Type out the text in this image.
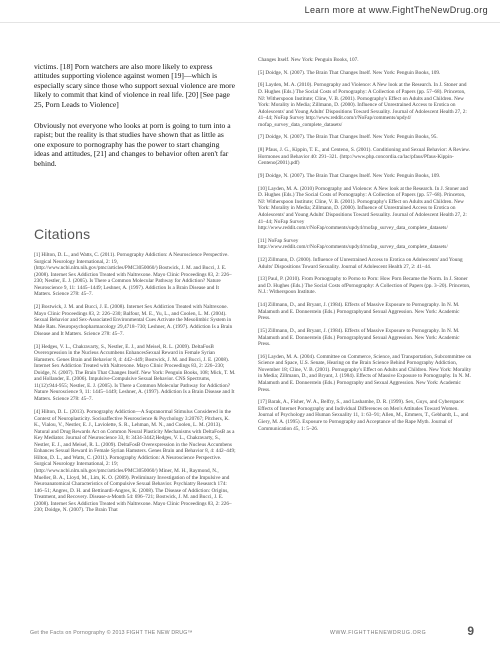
Learn more at www.FightTheNewDrug.org

victims. [18] Porn watchers are also more likely to express attitudes supporting violence against women [19]—which is especially scary since those who support sexual violence are more likely to commit that kind of violence in real life. [20] [See page 25, Porn Leads to Violence]

Obviously not everyone who looks at porn is going to turn into a rapist; but the reality is that studies have shown that as little as one exposure to pornography has the power to start changing ideas and attitudes, [21] and changes to behavior often aren't far behind.

Citations

[1] Hilton, D. L., and Watts, C. (2011). Pornography Addiction: A Neuroscience Perspective. Surgical Neurology International, 2: 19, (http://www.ncbi.nlm.nih.gov/pmc/articles/PMC3050060/) Bostwick, J. M. and Bucci, J. E. (2008). Internet Sex Addiction Treated with Naltrexone. Mayo Clinic Proceedings 83, 2: 226–230; Nestler, E. J. (2005). Is There a Common Molecular Pathway for Addiction? Nature Neuroscience 9, 11: 1445–1449; Leshner, A. (1997). Addiction Is a Brain Disease and It Matters. Science 278: 45–7.

[2] Bostwick, J. M. and Bucci, J. E. (2008). Internet Sex Addiction Treated with Naltrexone. Mayo Clinic Proceedings 83, 2: 226–230; Balfour, M. E., Yu, L., and Coolen, L. M. (2004). Sexual Behavior and Sex-Associated Environmental Cues Activate the Mesolimbic System in Male Rats. Neuropsychopharmacology 29,4718–730; Leshner, A. (1997). Addiction Is a Brain Disease and It Matters. Science 278: 45–7.

[3] Hedges, V. L., Chakravarty, S., Nestler, E. J., and Meisel, R. L. (2009). DeltaFosB Overexpression in the Nucleus Accumbens EnhancesSexual Reward in Female Syrian Hamsters. Genes Brain and Behavior 8, 4: 442–449; Bostwick, J. M. and Bucci, J. E. (2008). Internet Sex Addiction Treated with Naltrexone. Mayo Clinic Proceedings 83, 2: 226–230; Doidge, N. (2007). The Brain That Changes Itself. New York: Penguin Books, 108; Mick, T. M. and Hollander, E. (2006). Impulsive-Compulsive Sexual Behavior. CNS Spectrums, 11(12):944-955; Nestler, E. J. (2005). Is There a Common Molecular Pathway for Addiction? Nature Neuroscience 9, 11: 1445–1449; Leshner, A. (1997). Addiction Is a Brain Disease and It Matters. Science 278: 45–7.

[4] Hilton, D. L. (2013). Pornography Addiction—A Supranormal Stimulus Considered in the Context of Neuroplasticity. Socioaffective Neuroscience & Psychology 3:20767; Pitchers, K. K., Vialou, V., Nestler, E. J., Laviolette, S. R., Lehman, M. N., and Coolen, L. M. (2013). Natural and Drug Rewards Act on Common Neural Plasticity Mechanisms with DeltaFosB as a Key Mediator. Journal of Neuroscience 33, 8: 3434-3442;Hedges, V. L., Chakravarty, S., Nestler, E. J., and Meisel, R. L. (2009). DeltaFosB Overexpression in the Nucleus Accumbens Enhances Sexual Reward in Female Syrian Hamsters. Genes Brain and Behavior 8, 4: 442–449; Hilton, D. L., and Watts, C. (2011). Pornography Addiction: A Neuroscience Perspective. Surgical Neurology International, 2: 19; (http://www.ncbi.nlm.nih.gov/pmc/articles/PMC3050060/) Miner, M. H., Raymond, N., Mueller, B. A., Lloyd, M., Lim, K. O. (2009). Preliminary Investigation of the Impulsive and Neuroanatomical Characteristics of Compulsive Sexual Behavior. Psychiatry Research 174: 146–51; Angres, D. H. and Bettinardi-Angres, K. (2008). The Disease of Addiction: Origins, Treatment, and Recovery. Disease-a-Month 54: 696–721; Bostwick, J. M. and Bucci, J. E. (2008). Internet Sex Addiction Treated with Naltrexone. Mayo Clinic Proceedings 83, 2: 226–230; Doidge, N. (2007). The Brain That

Changes Itself. New York: Penguin Books, 107.

[5] Doidge, N. (2007). The Brain That Changes Itself. New York: Penguin Books, 109.

[6] Layden, M. A. (2010). Pornography and Violence: A New look at the Research. In J. Stoner and D. Hughes (Eds.) The Social Costs of Pornography: A Collection of Papers (pp. 57–68). Princeton, NJ: Witherspoon Institute; Cline, V. B. (2001). Pornography's Effect on Adults and Children. New York: Morality in Media; Zillmann, D. (2000). Influence of Unrestrained Access to Erotica on Adolescents' and Young Adults' Dispositions Toward Sexuality. Journal of Adolescent Health 27, 2: 41–44; NoFap Survey http://www.reddit.com/r/NoFap/comments/updy4/ rnofap_survey_data_complete_datasets/

[7] Doidge, N. (2007). The Brain That Changes Itself. New York: Penguin Books, 95.

[8] Pfaus, J. G., Kippin, T. E., and Centeno, S. (2001). Conditioning and Sexual Behavior: A Review. Hormones and Behavior 40: 291–321. (http://www.php.concordia.ca/lac/pfaus/Pfaus-Kippin-Centeno(2001).pdf)

[9] Doidge, N. (2007). The Brain That Changes Itself. New York: Penguin Books, 109.

[10] Layden, M. A. (2010) Pornography and Violence: A New look at the Research. In J. Stoner and D. Hughes (Eds.) The Social Costs of Pornography: A Collection of Papers (pp. 57–68). Princeton, NJ: Witherspoon Institute; Cline, V. B. (2001). Pornography's Effect on Adults and Children. New York: Morality in Media; Zillmann, D. (2000). Influence of Unrestrained Access to Erotica on Adolescents' and Young Adults' Dispositions Toward Sexuality. Journal of Adolescent Health 27, 2: 41–44; NoFap Survey http://www.reddit.com/r/NoFap/comments/updy4/rnofap_survey_data_complete_datasets/

[11] NoFap Survey http://www.reddit.com/r/NoFap/comments/updy4/rnofap_survey_data_complete_datasets/

[12] Zillmann, D. (2000). Influence of Unrestrained Access to Erotica on Adolescents' and Young Adults' Dispositions Toward Sexuality. Journal of Adolescent Health 27, 2: 41–44.

[13] Paul, P. (2010). From Pornography to Porno to Porn: How Porn Became the Norm. In J. Stoner and D. Hughes (Eds.) The Social Costs ofPornography: A Collection of Papers (pp. 3–20). Princeton, N.J.: Witherspoon Institute.

[14] Zillmann, D., and Bryant, J. (1984). Effects of Massive Exposure to Pornography. In N. M. Malamuth and E. Donnerstein (Eds.) Pornographyand Sexual Aggression. New York: Academic Press.

[15] Zillmann, D., and Bryant, J. (1984). Effects of Massive Exposure to Pornography. In N. M. Malamuth and E. Donnerstein (Eds.) Pornographyand Sexual Aggression. New York: Academic Press.

[16] Layden, M. A. (2004). Committee on Commerce, Science, and Transportation, Subcommittee on Science and Space, U.S. Senate, Hearing on the Brain Science Behind Pornography Addiction, November 18; Cline, V. B. (2001). Pornography's Effect on Adults and Children. New York: Morality in Media; Zillmann, D., and Bryant, J. (1984). Effects of Massive Exposure to Pornography. In N. M. Malamuth and E. Donnerstein (Eds.) Pornography and Sexual Aggression. New York: Academic Press.

[17] Barak, A., Fisher, W. A., Belfry, S., and Lashambe, D. R. (1999). Sex, Guys, and Cyberspace: Effects of Internet Pornography and Individual Differences on Men's Attitudes Toward Women. Journal of Psychology and Human Sexuality 11, 1: 63–91; Allen, M., Emmers, T., Gebhardt, L., and Giery, M. A. (1995). Exposure to Pornography and Acceptance of the Rape Myth. Journal of Communication 45, 1: 5–26.

Get the Facts on Pornography © 2013 FIGHT THE NEW DRUG™	WWW.FIGHTTHENEWDRUG.ORG	9
